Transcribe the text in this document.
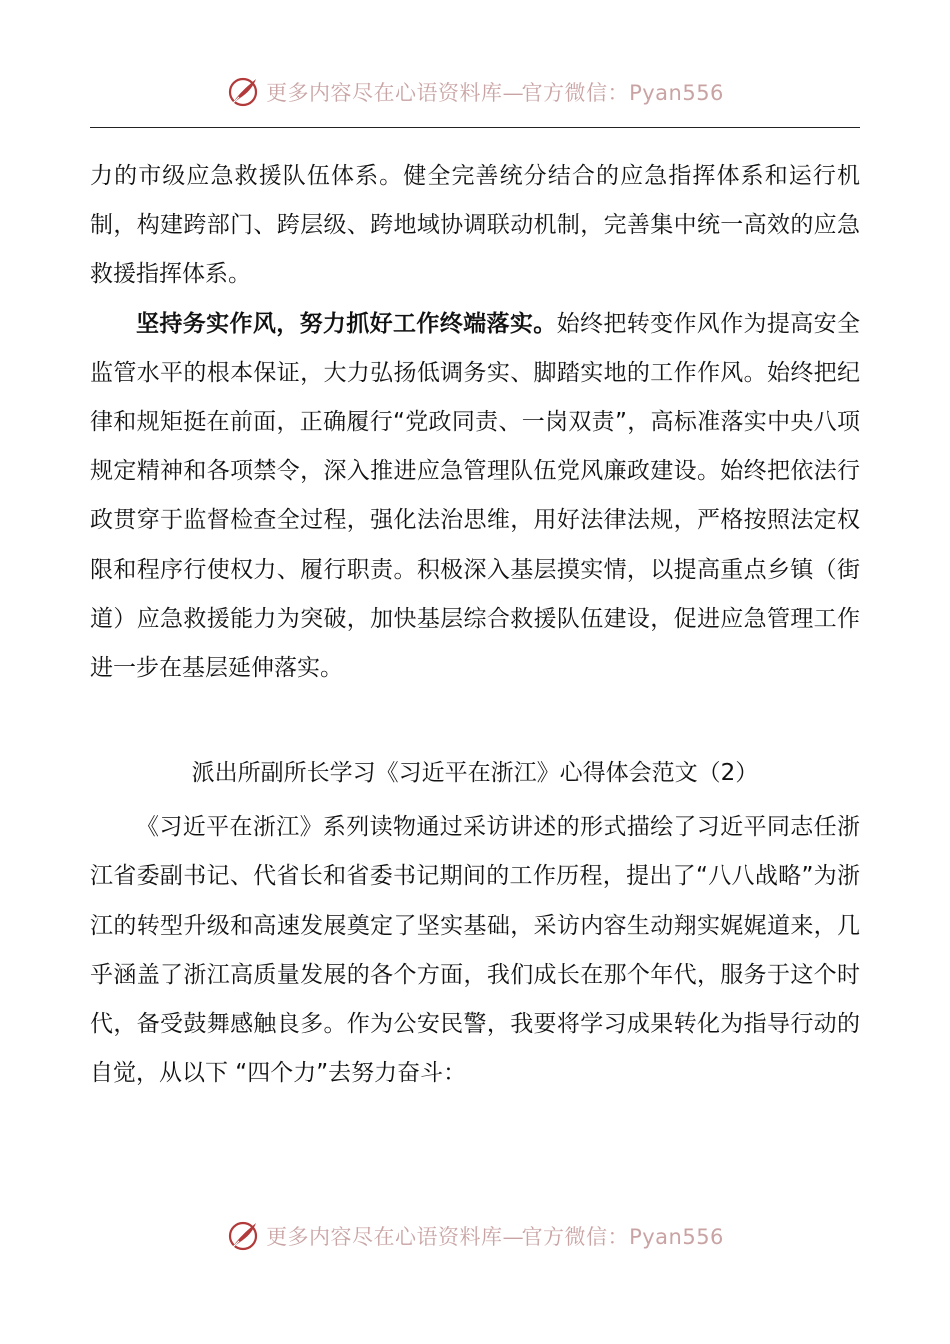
更多内容尽在心语资料库—官方微信：Pyan556

力的市级应急救援队伍体系。健全完善统分结合的应急指挥体系和运行机制，构建跨部门、跨层级、跨地域协调联动机制，完善集中统一高效的应急救援指挥体系。

坚持务实作风，努力抓好工作终端落实。始终把转变作风作为提高安全监管水平的根本保证，大力弘扬低调务实、脚踏实地的工作作风。始终把纪律和规矩挺在前面，正确履行“党政同责、一岗双责”，高标准落实中央八项规定精神和各项禁令，深入推进应急管理队伍党风廉政建设。始终把依法行政贯穿于监督检查全过程，强化法治思维，用好法律法规，严格按照法定权限和程序行使权力、履行职责。积极深入基层摸实情，以提高重点乡镇（街道）应急救援能力为突破，加快基层综合救援队伍建设，促进应急管理工作进一步在基层延伸落实。

派出所副所长学习《习近平在浙江》心得体会范文（2）

《习近平在浙江》系列读物通过采访讲述的形式描绘了习近平同志任浙江省委副书记、代省长和省委书记期间的工作历程，提出了“八八战略”为浙江的转型升级和高速发展奠定了坚实基础，采访内容生动翔实娓娓道来，几乎涵盖了浙江高质量发展的各个方面，我们成长在那个年代，服务于这个时代，备受鼓舞感触良多。作为公安民警，我要将学习成果转化为指导行动的自觉，从以下 “四个力”去努力奋斗：

更多内容尽在心语资料库—官方微信：Pyan556
